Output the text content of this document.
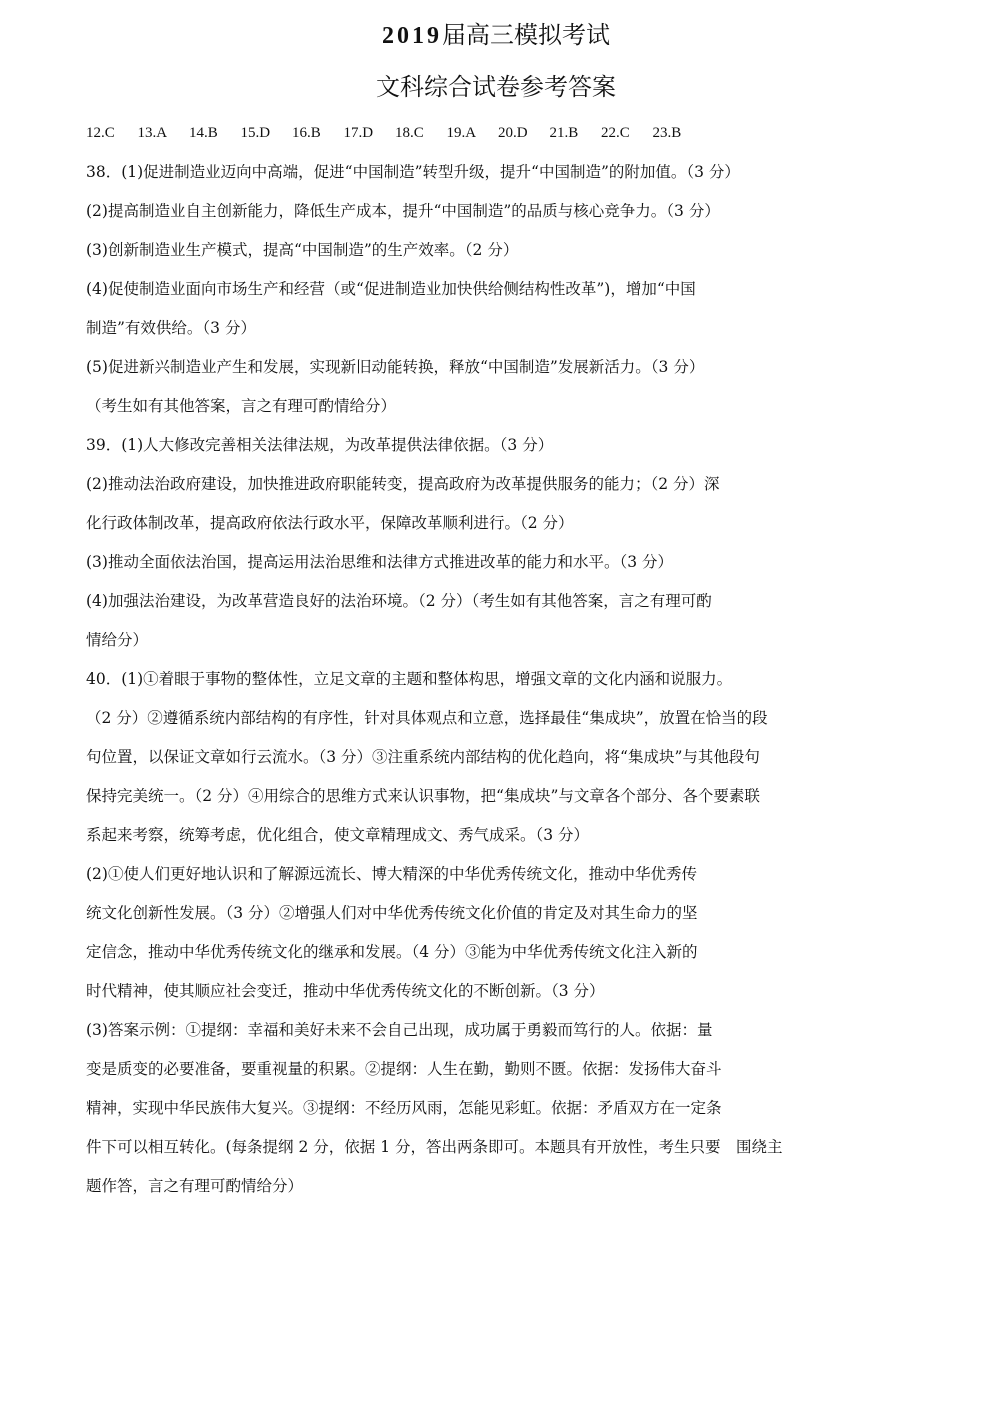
2019届高三模拟考试
文科综合试卷参考答案
12.C	13.A	14.B	15.D	16.B	17.D	18.C	19.A	20.D	21.B	22.C	23.B
38．(1)促进制造业迈向中高端，促进“中国制造”转型升级，提升“中国制造”的附加值。（3 分）
(2)提高制造业自主创新能力，降低生产成本，提升“中国制造”的品质与核心竞争力。（3 分）
(3)创新制造业生产模式，提高“中国制造”的生产效率。（2 分）
(4)促使制造业面向市场生产和经营（或“促进制造业加快供给侧结构性改革”)，增加“中国
制造”有效供给。（3 分）
(5)促进新兴制造业产生和发展，实现新旧动能转换，释放“中国制造”发展新活力。（3 分）
（考生如有其他答案，言之有理可酌情给分）
39．(1)人大修改完善相关法律法规，为改革提供法律依据。（3 分）
(2)推动法治政府建设，加快推进政府职能转变，提高政府为改革提供服务的能力；（2 分）深
化行政体制改革，提高政府依法行政水平，保障改革顺利进行。（2 分）
(3)推动全面依法治国，提高运用法治思维和法律方式推进改革的能力和水平。（3 分）
(4)加强法治建设，为改革营造良好的法治环境。（2 分）（考生如有其他答案，言之有理可酌
情给分）
40．(1)①着眼于事物的整体性，立足文章的主题和整体构思，增强文章的文化内涵和说服力。
（2 分）②遵循系统内部结构的有序性，针对具体观点和立意，选择最佳“集成块”，放置在恰当的段
句位置，以保证文章如行云流水。（3 分）③注重系统内部结构的优化趋向，将“集成块”与其他段句
保持完美统一。（2 分）④用综合的思维方式来认识事物，把“集成块”与文章各个部分、各个要素联
系起来考察，统筹考虑，优化组合，使文章精理成文、秀气成采。（3 分）
(2)①使人们更好地认识和了解源远流长、博大精深的中华优秀传统文化，推动中华优秀传
统文化创新性发展。（3 分）②增强人们对中华优秀传统文化价值的肯定及对其生命力的坚
定信念，推动中华优秀传统文化的继承和发展。（4 分）③能为中华优秀传统文化注入新的
时代精神，使其顺应社会变迁，推动中华优秀传统文化的不断创新。（3 分）
(3)答案示例：①提纲：幸福和美好未来不会自己出现，成功属于勇毅而笃行的人。依据：量
变是质变的必要准备，要重视量的积累。②提纲：人生在勤，勤则不匮。依据：发扬伟大奋斗
精神，实现中华民族伟大复兴。③提纲：不经历风雨，怎能见彩虹。依据：矛盾双方在一定条
件下可以相互转化。(每条提纲 2 分，依据 1 分，答出两条即可。本题具有开放性，考生只要　围绕主
题作答，言之有理可酌情给分）
